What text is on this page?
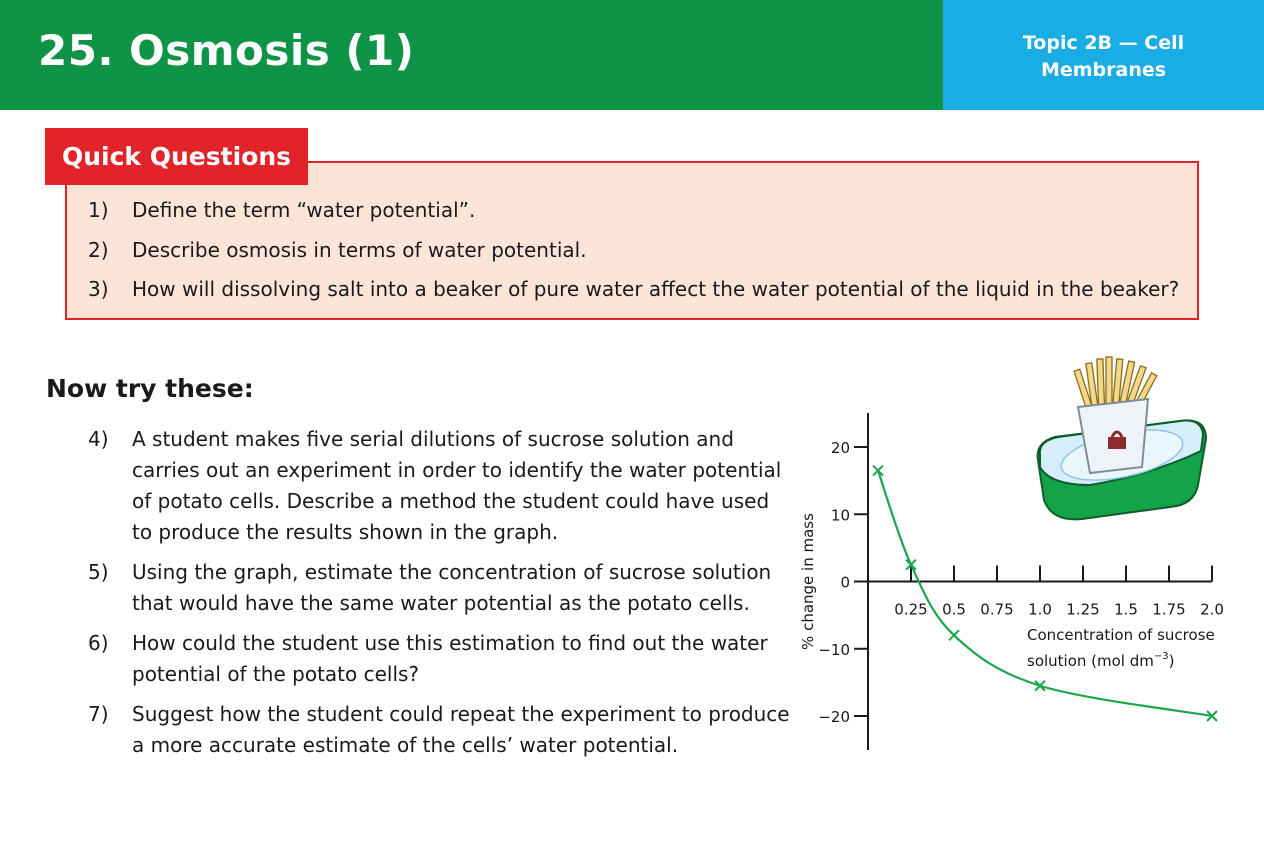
25. Osmosis (1)	Topic 2B — Cell
Membranes
Quick Questions
1)	Define the term “water potential”.
2)	Describe osmosis in terms of water potential.
3)	How will dissolving salt into a beaker of pure water affect the water potential of the liquid in the beaker?
Now try these:
4)	A student makes five serial dilutions of sucrose solution and carries out an experiment in order to identify the water potential of potato cells. Describe a method the student could have used to produce the results shown in the graph.
5)	Using the graph, estimate the concentration of sucrose solution that would have the same water potential as the potato cells.
6)	How could the student use this estimation to find out the water potential of the potato cells?
7)	Suggest how the student could repeat the experiment to produce a more accurate estimate of the cells’ water potential.
20
10
0
−10
−20
0.25 0.5 0.75 1.0 1.25 1.5 1.75 2.0
% change in mass	Concentration of sucrose
solution (mol $dm^{-3}$)
